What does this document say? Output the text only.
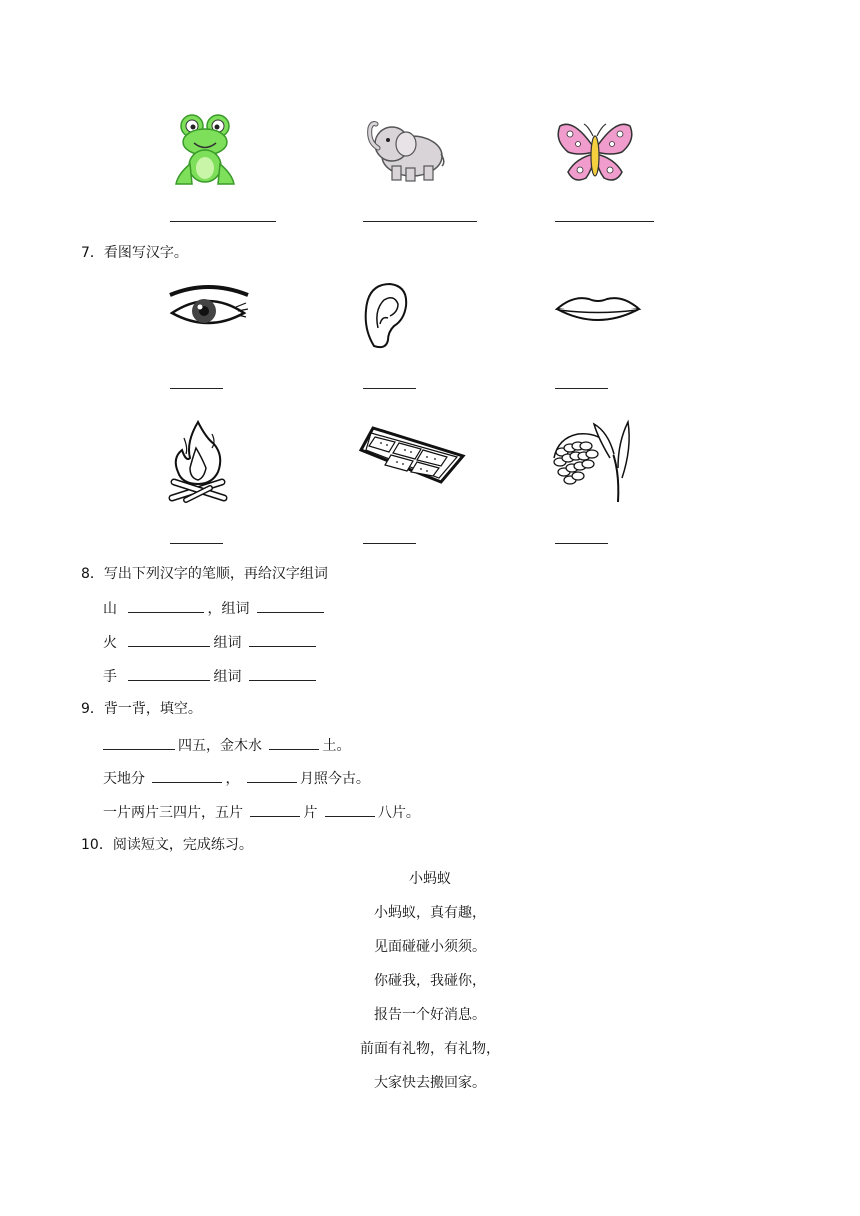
7．看图写汉字。
8．写出下列汉字的笔顺，再给汉字组词
山	，组词
火	组词
手	组词
9．背一背，填空。
四五，金木水	土。
天地分	，	月照今古。
一片两片三四片，五片	片	八片。
10．阅读短文，完成练习。
小蚂蚁
小蚂蚁，真有趣，
见面碰碰小须须。
你碰我，我碰你，
报告一个好消息。
前面有礼物，有礼物，
大家快去搬回家。
